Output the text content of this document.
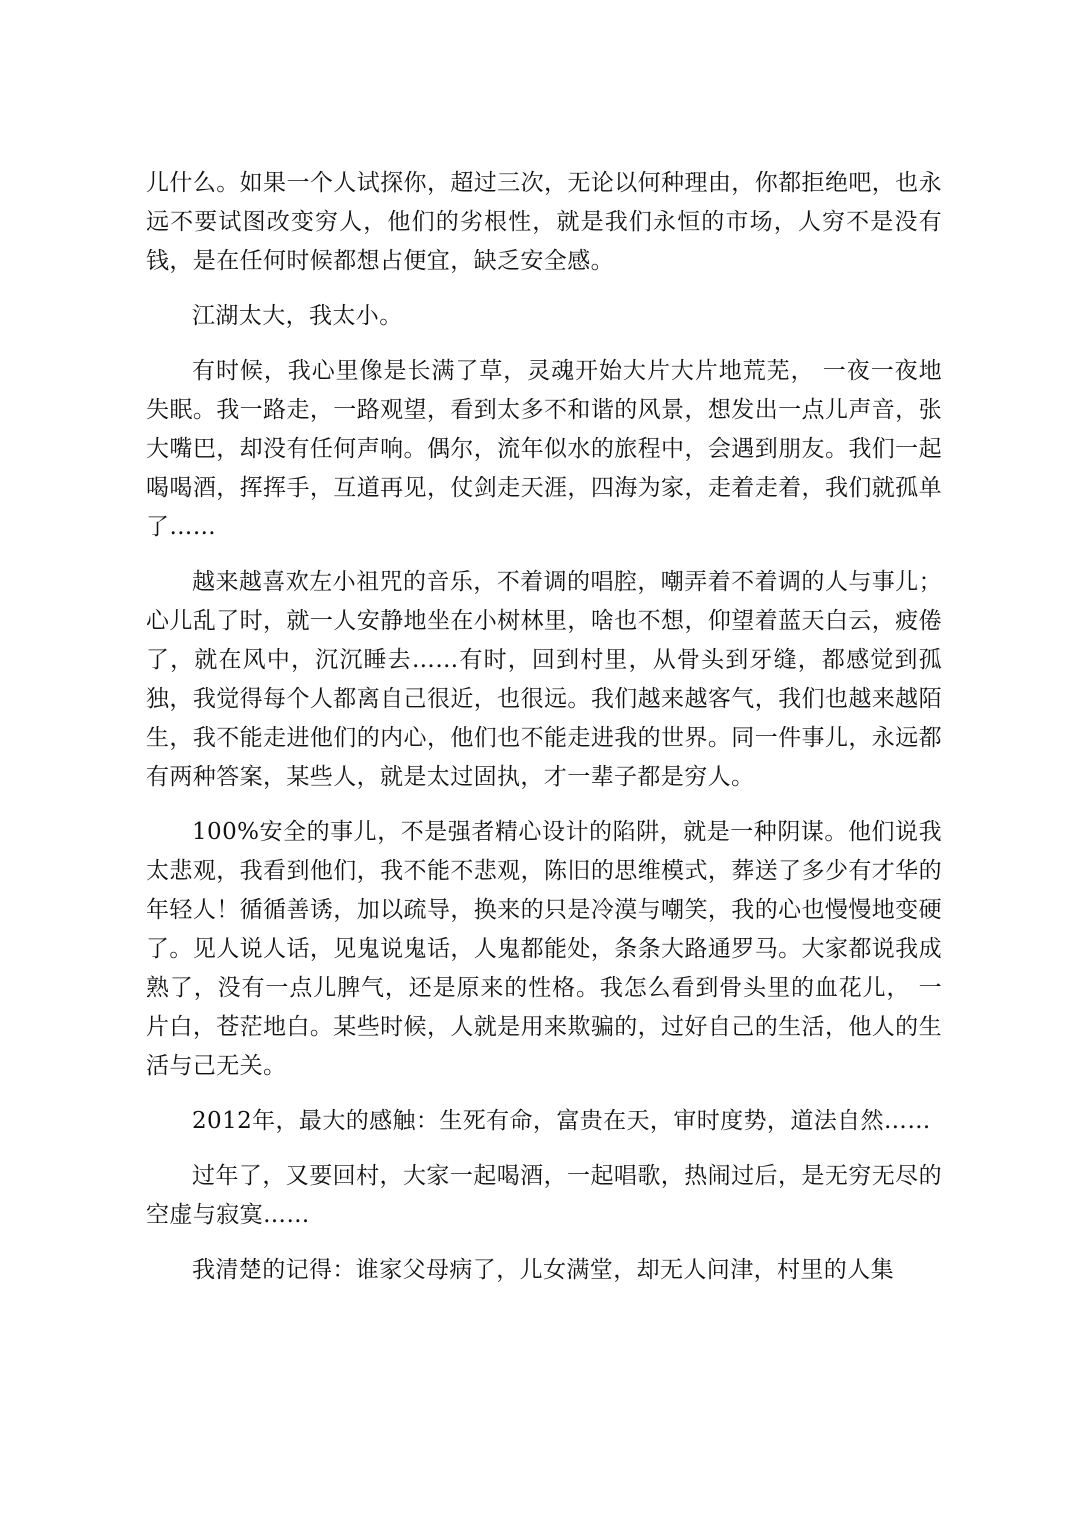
儿什么。如果一个人试探你，超过三次，无论以何种理由，你都拒绝吧，也永远不要试图改变穷人，他们的劣根性，就是我们永恒的市场，人穷不是没有钱，是在任何时候都想占便宜，缺乏安全感。

江湖太大，我太小。

有时候，我心里像是长满了草，灵魂开始大片大片地荒芜， 一夜一夜地失眠。我一路走，一路观望，看到太多不和谐的风景，想发出一点儿声音，张大嘴巴，却没有任何声响。偶尔，流年似水的旅程中，会遇到朋友。我们一起喝喝酒，挥挥手，互道再见，仗剑走天涯，四海为家，走着走着，我们就孤单了……

越来越喜欢左小祖咒的音乐，不着调的唱腔，嘲弄着不着调的人与事儿；心儿乱了时，就一人安静地坐在小树林里，啥也不想，仰望着蓝天白云，疲倦了，就在风中，沉沉睡去……有时，回到村里，从骨头到牙缝，都感觉到孤独，我觉得每个人都离自己很近，也很远。我们越来越客气，我们也越来越陌生，我不能走进他们的内心，他们也不能走进我的世界。同一件事儿，永远都有两种答案，某些人，就是太过固执，才一辈子都是穷人。

100%安全的事儿，不是强者精心设计的陷阱，就是一种阴谋。他们说我太悲观，我看到他们，我不能不悲观，陈旧的思维模式，葬送了多少有才华的年轻人！循循善诱，加以疏导，换来的只是冷漠与嘲笑，我的心也慢慢地变硬了。见人说人话，见鬼说鬼话，人鬼都能处，条条大路通罗马。大家都说我成熟了，没有一点儿脾气，还是原来的性格。我怎么看到骨头里的血花儿， 一片白，苍茫地白。某些时候，人就是用来欺骗的，过好自己的生活，他人的生活与己无关。

2012年，最大的感触：生死有命，富贵在天，审时度势，道法自然……

过年了，又要回村，大家一起喝酒，一起唱歌，热闹过后，是无穷无尽的空虚与寂寞……

我清楚的记得：谁家父母病了，儿女满堂，却无人问津，村里的人集
